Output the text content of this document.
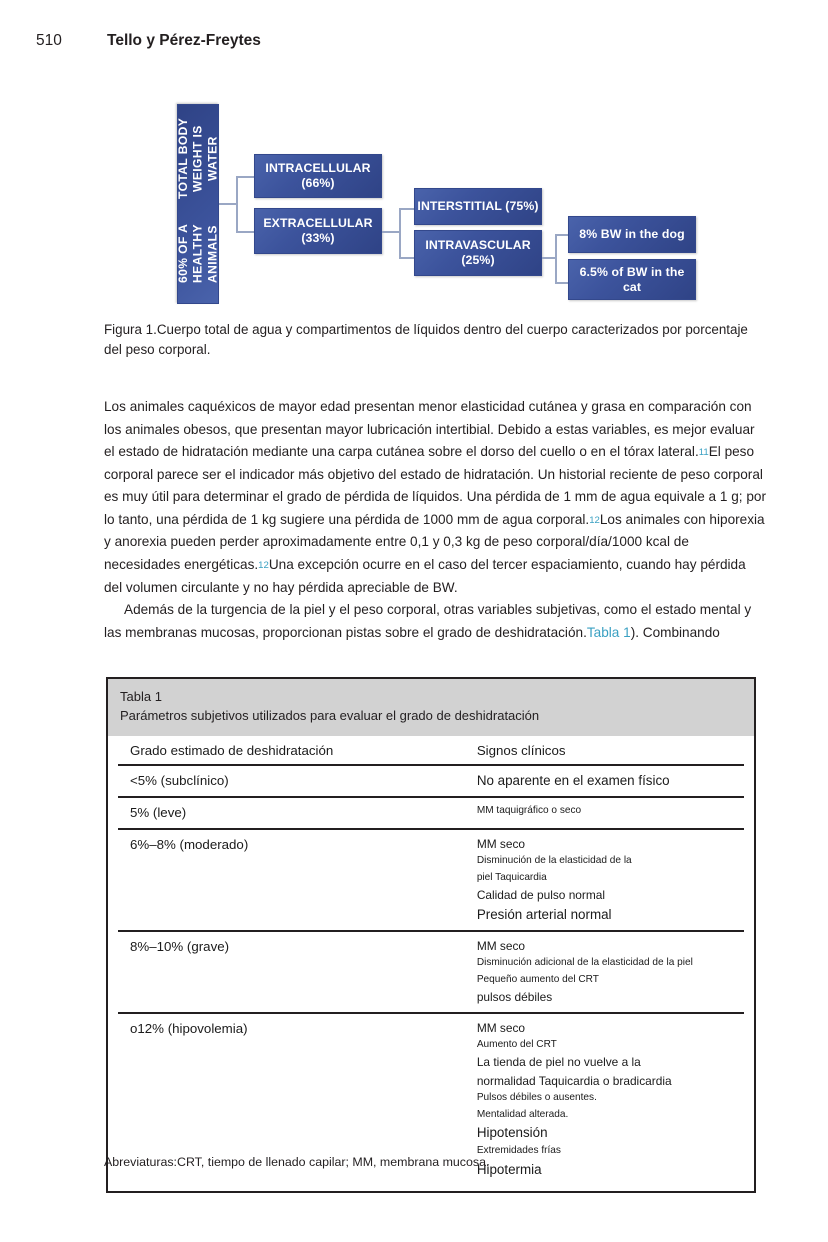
510	Tello y Pérez-Freytes
60% OF A HEALTHY ANIMALS
TOTAL BODY WEIGHT IS WATER	INTRACELLULAR
(66%)
EXTRACELLULAR
(33%)
INTERSTITIAL (75%)
INTRAVASCULAR
(25%)
8% BW in the dog
6.5% of BW in the cat
Figura 1.Cuerpo total de agua y compartimentos de líquidos dentro del cuerpo caracterizados por porcentaje del peso corporal.

Los animales caquéxicos de mayor edad presentan menor elasticidad cutánea y grasa en comparación con los animales obesos, que presentan mayor lubricación intertibial. Debido a estas variables, es mejor evaluar el estado de hidratación mediante una carpa cutánea sobre el dorso del cuello o en el tórax lateral.11El peso corporal parece ser el indicador más objetivo del estado de hidratación. Un historial reciente de peso corporal es muy útil para determinar el grado de pérdida de líquidos. Una pérdida de 1 mm de agua equivale a 1 g; por lo tanto, una pérdida de 1 kg sugiere una pérdida de 1000 mm de agua corporal.12Los animales con hiporexia y anorexia pueden perder aproximadamente entre 0,1 y 0,3 kg de peso corporal/día/1000 kcal de necesidades energéticas.12Una excepción ocurre en el caso del tercer espaciamiento, cuando hay pérdida del volumen circulante y no hay pérdida apreciable de BW.

Además de la turgencia de la piel y el peso corporal, otras variables subjetivas, como el estado mental y las membranas mucosas, proporcionan pistas sobre el grado de deshidratación.Tabla 1). Combinando

Tabla 1
Parámetros subjetivos utilizados para evaluar el grado de deshidratación
Grado estimado de deshidratación	Signos clínicos
<5% (subclínico)	No aparente en el examen físico

5% (leve)	MM taquigráfico o seco

6%–8% (moderado)	MM seco
Disminución de la elasticidad de la
piel Taquicardia
Calidad de pulso normal
Presión arterial normal

8%–10% (grave)	MM seco
Disminución adicional de la elasticidad de la piel
Pequeño aumento del CRT
pulsos débiles

o12% (hipovolemia)	MM seco
Aumento del CRT
La tienda de piel no vuelve a la
normalidad Taquicardia o bradicardia
Pulsos débiles o ausentes.
Mentalidad alterada.
Hipotensión
Extremidades frías
Hipotermia
Abreviaturas:CRT, tiempo de llenado capilar; MM, membrana mucosa.
